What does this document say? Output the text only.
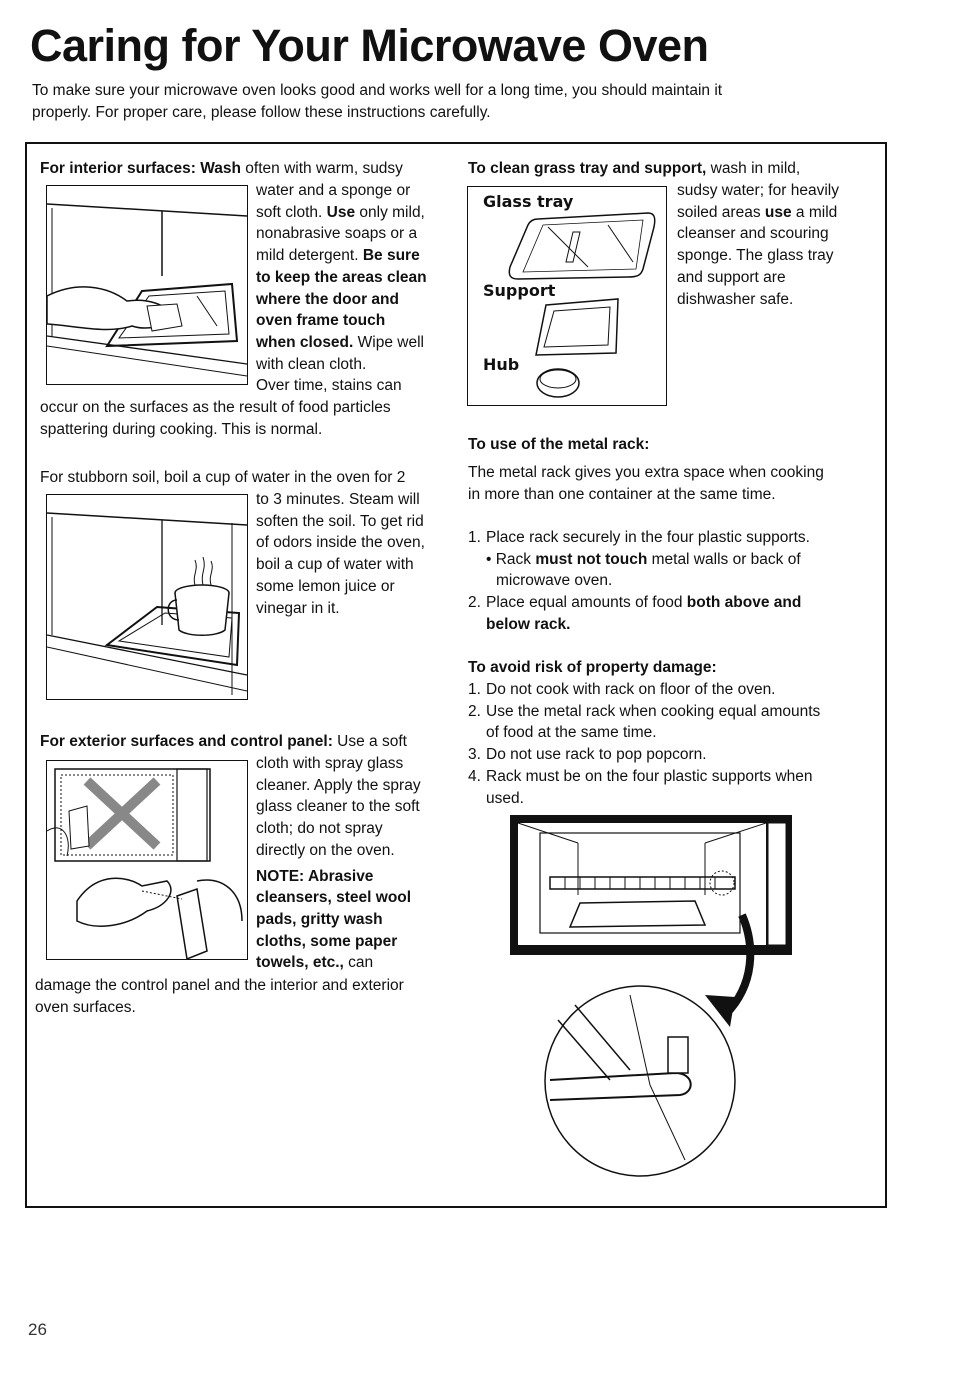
Caring for Your Microwave Oven
To make sure your microwave oven looks good and works well for a long time, you should maintain it properly. For proper care, please follow these instructions carefully.
For interior surfaces: Wash often with warm, sudsy
water and a sponge or
soft cloth. Use only mild,
nonabrasive soaps or a
mild detergent. Be sure
to keep the areas clean
where the door and
oven frame touch
when closed. Wipe well
with clean cloth.
Over time, stains can
occur on the surfaces as the result of food particles
spattering during cooking. This is normal.
For stubborn soil, boil a cup of water in the oven for 2
to 3 minutes. Steam will
soften the soil. To get rid
of odors inside the oven,
boil a cup of water with
some lemon juice or
vinegar in it.
For exterior surfaces and control panel: Use a soft
cloth with spray glass
cleaner. Apply the spray
glass cleaner to the soft
cloth; do not spray
directly on the oven.
NOTE: Abrasive
cleansers, steel wool
pads, gritty wash
cloths, some paper
towels, etc., can
damage the control panel and the interior and exterior
oven surfaces.
To clean grass tray and support, wash in mild,
Glass tray
Support
Hub
sudsy water; for heavily
soiled areas use a mild
cleanser and scouring
sponge. The glass tray
and support are
dishwasher safe.
To use of the metal rack:
The metal rack gives you extra space when cooking
in more than one container at the same time.
1. Place rack securely in the four plastic supports.
• Rack must not touch metal walls or back of
microwave oven.
2. Place equal amounts of food both above and
below rack.
To avoid risk of property damage:
1. Do not cook with rack on floor of the oven.
2. Use the metal rack when cooking equal amounts
of food at the same time.
3. Do not use rack to pop popcorn.
4. Rack must be on the four plastic supports when
used.
26
